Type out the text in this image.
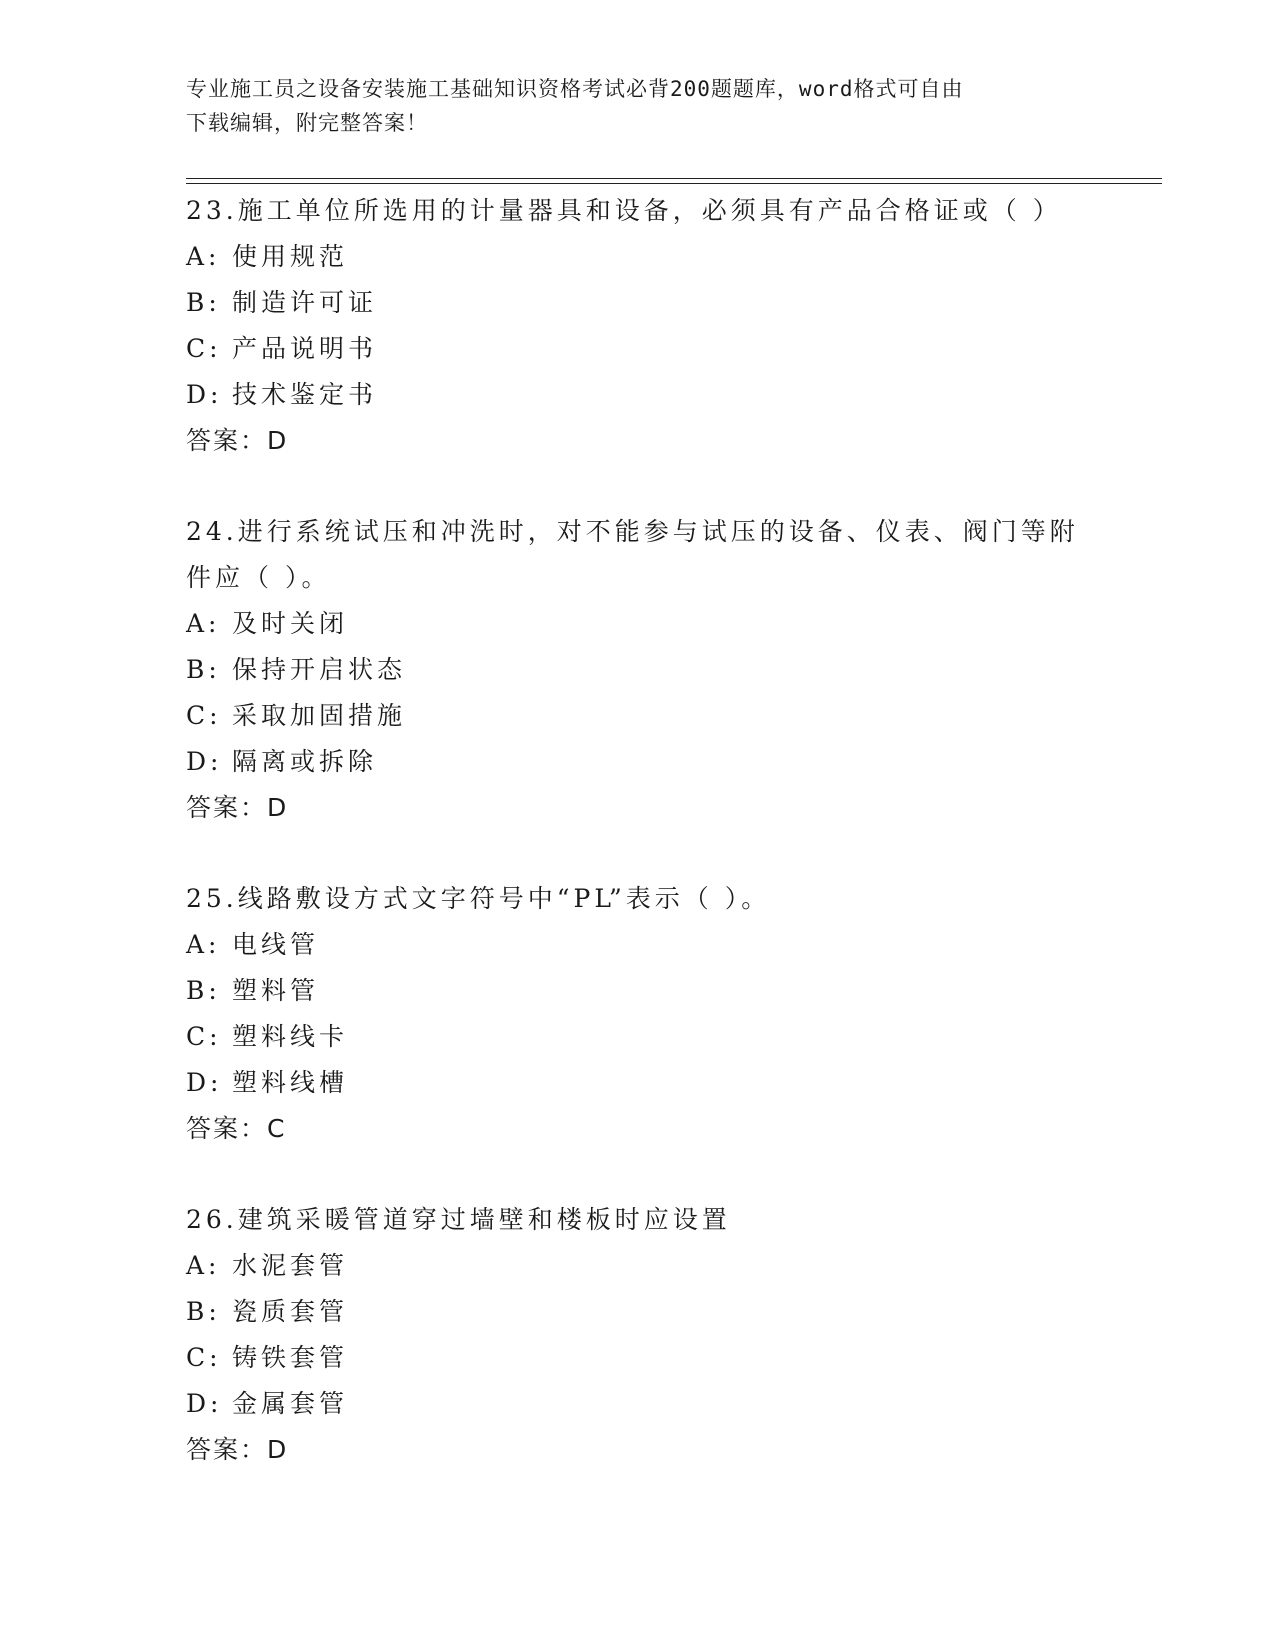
专业施工员之设备安装施工基础知识资格考试必背200题题库，word格式可自由
下载编辑，附完整答案！
23.施工单位所选用的计量器具和设备，必须具有产品合格证或（ ）
A: 使用规范
B: 制造许可证
C: 产品说明书
D: 技术鉴定书
答案：D
24.进行系统试压和冲洗时，对不能参与试压的设备、仪表、阀门等附件应（ ）。
A: 及时关闭
B: 保持开启状态
C: 采取加固措施
D: 隔离或拆除
答案：D
25.线路敷设方式文字符号中“PL”表示（ ）。
A: 电线管
B: 塑料管
C: 塑料线卡
D: 塑料线槽
答案：C
26.建筑采暖管道穿过墙壁和楼板时应设置
A: 水泥套管
B: 瓷质套管
C: 铸铁套管
D: 金属套管
答案：D
